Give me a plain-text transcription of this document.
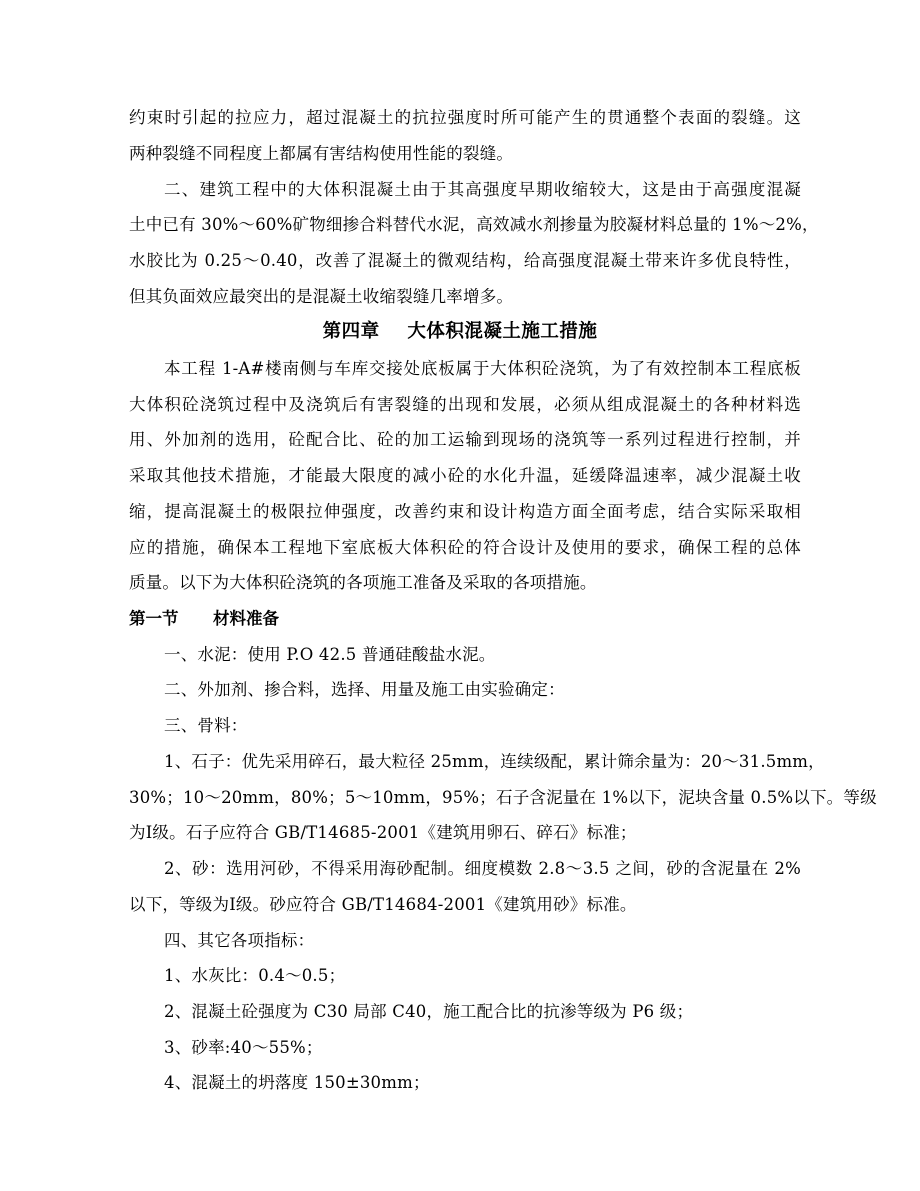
约束时引起的拉应力，超过混凝土的抗拉强度时所可能产生的贯通整个表面的裂缝。这
两种裂缝不同程度上都属有害结构使用性能的裂缝。
二、建筑工程中的大体积混凝土由于其高强度早期收缩较大，这是由于高强度混凝
土中已有 30%～60%矿物细掺合料替代水泥，高效减水剂掺量为胶凝材料总量的 1%～2%，
水胶比为 0.25～0.40，改善了混凝土的微观结构，给高强度混凝土带来许多优良特性，
但其负面效应最突出的是混凝土收缩裂缝几率增多。
第四章    大体积混凝土施工措施
本工程 1-A#楼南侧与车库交接处底板属于大体积砼浇筑，为了有效控制本工程底板
大体积砼浇筑过程中及浇筑后有害裂缝的出现和发展，必须从组成混凝土的各种材料选
用、外加剂的选用，砼配合比、砼的加工运输到现场的浇筑等一系列过程进行控制，并
采取其他技术措施，才能最大限度的减小砼的水化升温，延缓降温速率，减少混凝土收
缩，提高混凝土的极限拉伸强度，改善约束和设计构造方面全面考虑，结合实际采取相
应的措施，确保本工程地下室底板大体积砼的符合设计及使用的要求，确保工程的总体
质量。以下为大体积砼浇筑的各项施工准备及采取的各项措施。
第一节      材料准备
一、水泥：使用 P.O 42.5 普通硅酸盐水泥。
二、外加剂、掺合料，选择、用量及施工由实验确定：
三、骨料：
1、石子：优先采用碎石，最大粒径 25mm，连续级配，累计筛余量为：20～31.5mm，
30%；10～20mm，80%；5～10mm，95%；石子含泥量在 1%以下，泥块含量 0.5%以下。等级
为Ⅰ级。石子应符合 GB/T14685-2001《建筑用卵石、碎石》标准；
2、砂：选用河砂，不得采用海砂配制。细度模数 2.8～3.5 之间，砂的含泥量在 2%
以下，等级为Ⅰ级。砂应符合 GB/T14684-2001《建筑用砂》标准。
四、其它各项指标：
1、水灰比：0.4～0.5；
2、混凝土砼强度为 C30 局部 C40，施工配合比的抗渗等级为 P6 级；
3、砂率:40～55%；
4、混凝土的坍落度 150±30mm；
